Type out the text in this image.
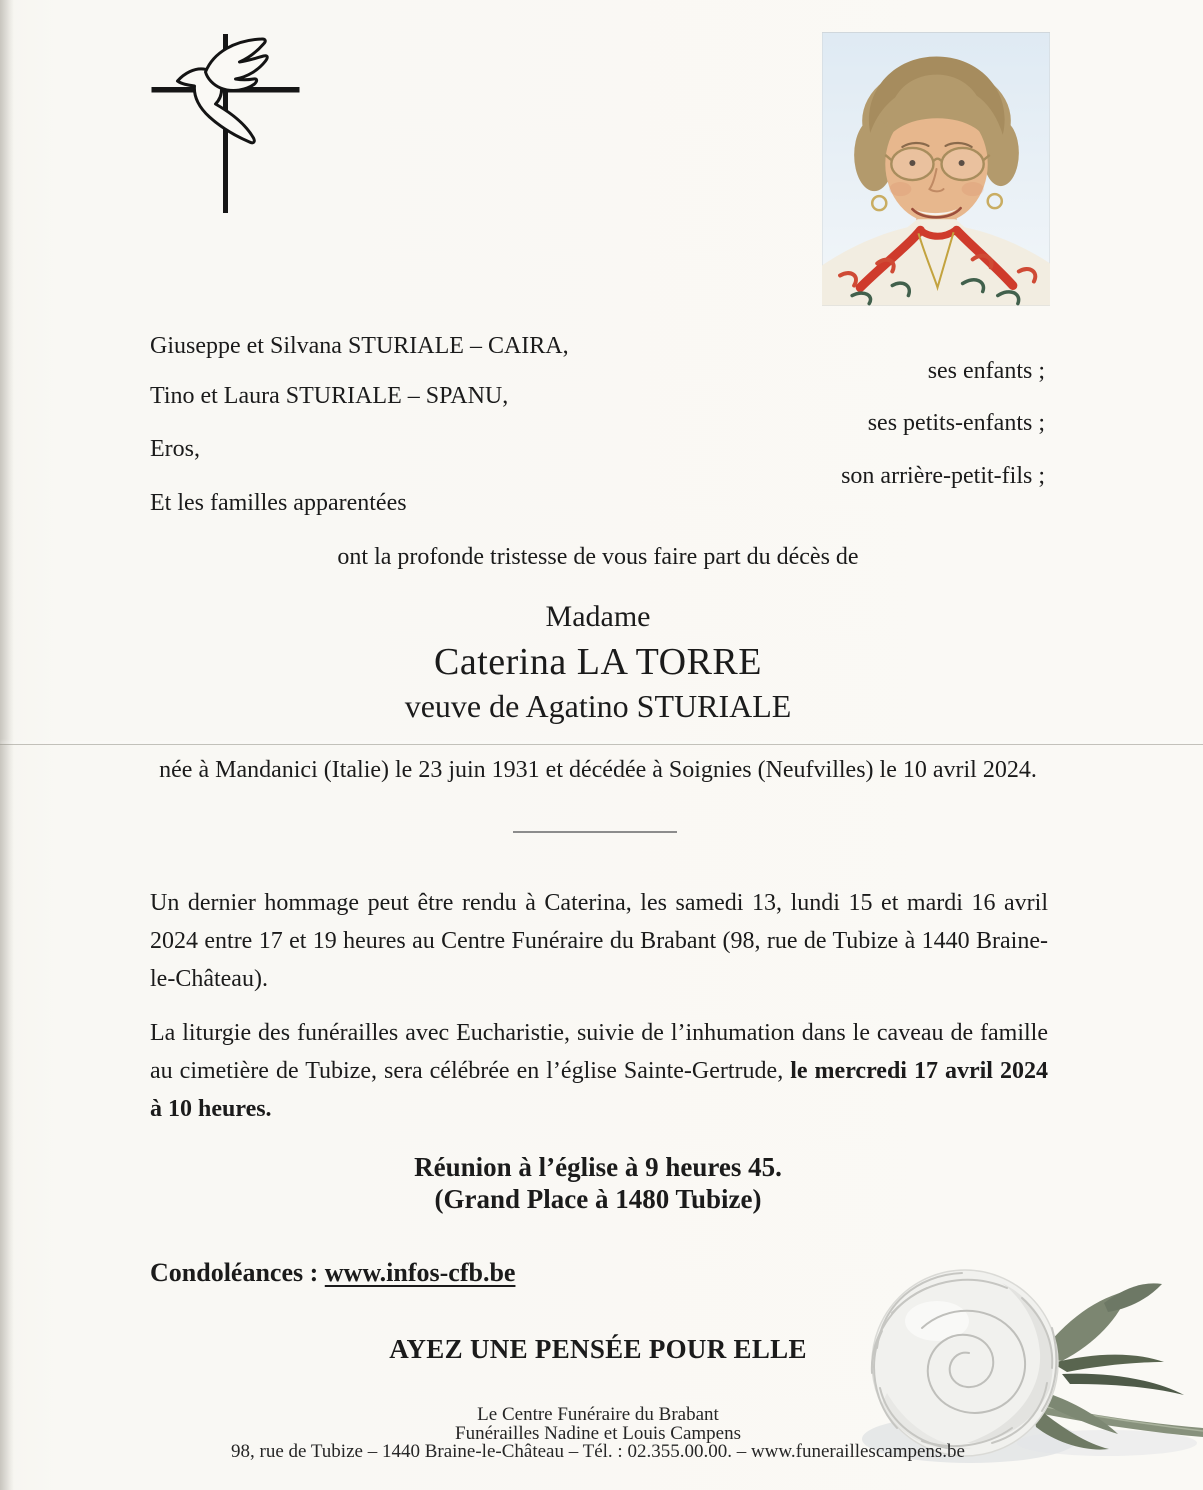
Giuseppe et Silvana STURIALE – CAIRA,
ses enfants ;
Tino et Laura STURIALE – SPANU,
ses petits-enfants ;
Eros,
son arrière-petit-fils ;
Et les familles apparentées
ont la profonde tristesse de vous faire part du décès de
Madame
Caterina LA TORRE
veuve de Agatino STURIALE
née à Mandanici (Italie) le 23 juin 1931 et décédée à Soignies (Neufvilles) le 10 avril 2024.
Un dernier hommage peut être rendu à Caterina, les samedi 13, lundi 15 et mardi 16 avril 2024 entre 17 et 19 heures au Centre Funéraire du Brabant (98, rue de Tubize à 1440 Braine-le-Château).
La liturgie des funérailles avec Eucharistie, suivie de l’inhumation dans le caveau de famille au cimetière de Tubize, sera célébrée en l’église Sainte-Gertrude, le mercredi 17 avril 2024 à 10 heures.
Réunion à l’église à 9 heures 45.
(Grand Place à 1480 Tubize)
Condoléances : www.infos-cfb.be
AYEZ UNE PENSÉE POUR ELLE
Le Centre Funéraire du Brabant
Funérailles Nadine et Louis Campens
98, rue de Tubize – 1440 Braine-le-Château – Tél. : 02.355.00.00. – www.funeraillescampens.be
